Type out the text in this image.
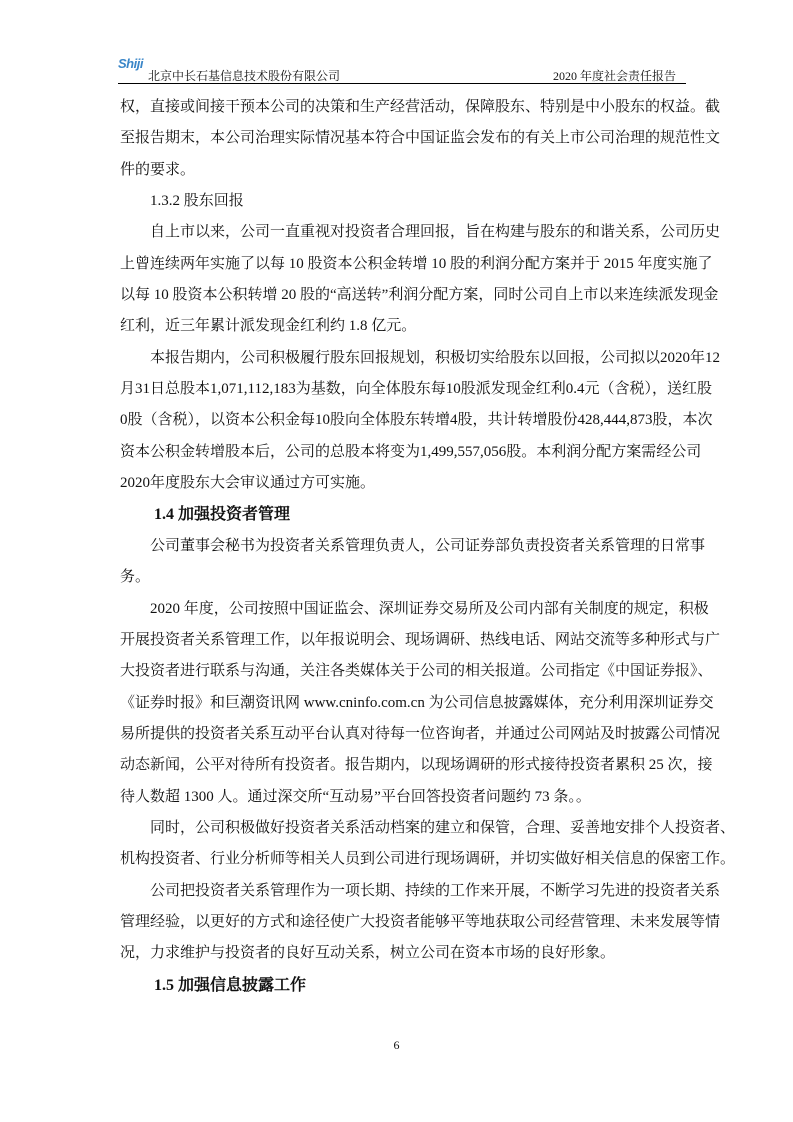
Shiji
北京中长石基信息技术股份有限公司	2020 年度社会责任报告
权，直接或间接干预本公司的决策和生产经营活动，保障股东、特别是中小股东的权益。截
至报告期末，本公司治理实际情况基本符合中国证监会发布的有关上市公司治理的规范性文
件的要求。
1.3.2 股东回报
自上市以来，公司一直重视对投资者合理回报，旨在构建与股东的和谐关系，公司历史
上曾连续两年实施了以每 10 股资本公积金转增 10 股的利润分配方案并于 2015 年度实施了
以每 10 股资本公积转增 20 股的“高送转”利润分配方案，同时公司自上市以来连续派发现金
红利，近三年累计派发现金红利约 1.8 亿元。
本报告期内，公司积极履行股东回报规划，积极切实给股东以回报，公司拟以2020年12
月31日总股本1,071,112,183为基数，向全体股东每10股派发现金红利0.4元（含税），送红股
0股（含税），以资本公积金每10股向全体股东转增4股，共计转增股份428,444,873股，本次
资本公积金转增股本后，公司的总股本将变为1,499,557,056股。本利润分配方案需经公司
2020年度股东大会审议通过方可实施。
1.4 加强投资者管理
公司董事会秘书为投资者关系管理负责人，公司证券部负责投资者关系管理的日常事
务。
2020 年度，公司按照中国证监会、深圳证券交易所及公司内部有关制度的规定，积极
开展投资者关系管理工作，以年报说明会、现场调研、热线电话、网站交流等多种形式与广
大投资者进行联系与沟通，关注各类媒体关于公司的相关报道。公司指定《中国证券报》、
《证券时报》和巨潮资讯网 www.cninfo.com.cn 为公司信息披露媒体，充分利用深圳证券交
易所提供的投资者关系互动平台认真对待每一位咨询者，并通过公司网站及时披露公司情况
动态新闻，公平对待所有投资者。报告期内，以现场调研的形式接待投资者累积 25 次，接
待人数超 1300 人。通过深交所“互动易”平台回答投资者问题约 73 条。。
同时，公司积极做好投资者关系活动档案的建立和保管，合理、妥善地安排个人投资者、
机构投资者、行业分析师等相关人员到公司进行现场调研，并切实做好相关信息的保密工作。
公司把投资者关系管理作为一项长期、持续的工作来开展，不断学习先进的投资者关系
管理经验，以更好的方式和途径使广大投资者能够平等地获取公司经营管理、未来发展等情
况，力求维护与投资者的良好互动关系，树立公司在资本市场的良好形象。
1.5 加强信息披露工作
6
